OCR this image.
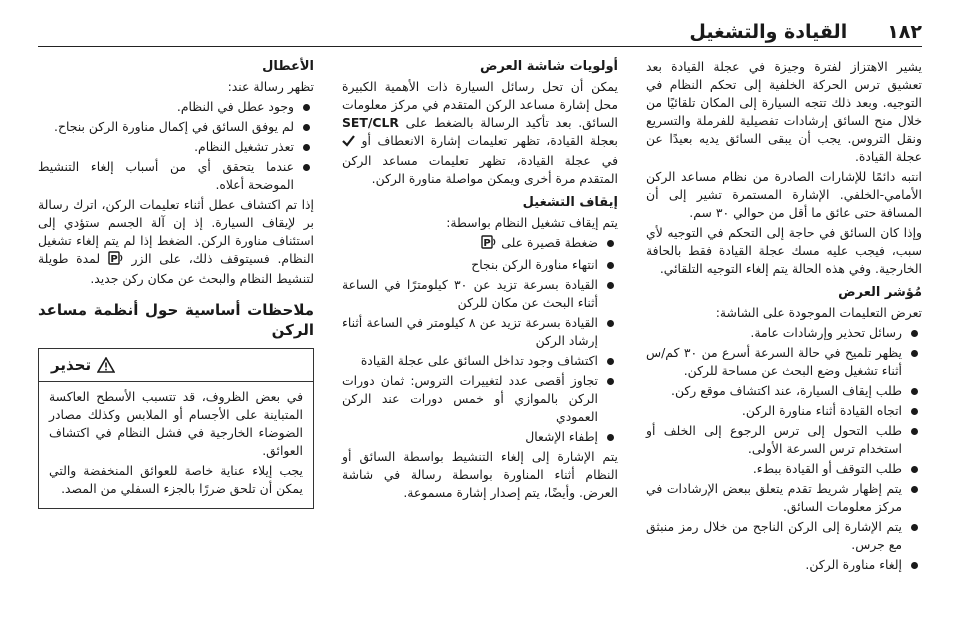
١٨٢
القيادة والتشغيل

يشير الاهتزاز لفترة وجيزة في عجلة القيادة بعد تعشيق ترس الحركة الخلفية إلى تحكم النظام في التوجيه. وبعد ذلك تتجه السيارة إلى المكان تلقائيًا من خلال منح السائق إرشادات تفصيلية للفرملة والتسريع ونقل التروس. يجب أن يبقى السائق يديه بعيدًا عن عجلة القيادة.

انتبه دائمًا للإشارات الصادرة من نظام مساعد الركن الأمامي-الخلفي. الإشارة المستمرة تشير إلى أن المسافة حتى عائق ما أقل من حوالي ٣٠ سم.

وإذا كان السائق في حاجة إلى التحكم في التوجيه لأي سبب، فيجب عليه مسك عجلة القيادة فقط بالحافة الخارجية. وفي هذه الحالة يتم إلغاء التوجيه التلقائي.

مُؤشر العرض

تعرض التعليمات الموجودة على الشاشة:

رسائل تحذير وإرشادات عامة.
يظهر تلميح في حالة السرعة أسرع من ٣٠ كم/س أثناء تشغيل وضع البحث عن مساحة للركن.
طلب إيقاف السيارة، عند اكتشاف موقع ركن.
اتجاه القيادة أثناء مناورة الركن.
طلب التحول إلى ترس الرجوع إلى الخلف أو استخدام ترس السرعة الأولى.
طلب التوقف أو القيادة ببطء.
يتم إظهار شريط تقدم يتعلق ببعض الإرشادات في مركز معلومات السائق.
يتم الإشارة إلى الركن الناجح من خلال رمز منبثق مع جرس.
إلغاء مناورة الركن.
أولويات شاشة العرض

يمكن أن تحل رسائل السيارة ذات الأهمية الكبيرة محل إشارة مساعد الركن المتقدم في مركز معلومات السائق. بعد تأكيد الرسالة بالضغط على SET/CLR بعجلة القيادة، تظهر تعليمات إشارة الانعطاف أو  في عجلة القيادة، تظهر تعليمات مساعد الركن المتقدم مرة أخرى ويمكن مواصلة مناورة الركن.

إيقاف التشغيل

يتم إيقاف تشغيل النظام بواسطة:

ضغطة قصيرة على
P
انتهاء مناورة الركن بنجاح
القيادة بسرعة تزيد عن ٣٠ كيلومترًا في الساعة أثناء البحث عن مكان للركن
القيادة بسرعة تزيد عن ٨ كيلومتر في الساعة أثناء إرشاد الركن
اكتشاف وجود تداخل السائق على عجلة القيادة
تجاوز أقصى عدد لتغييرات التروس: ثمان دورات الركن بالموازي أو خمس دورات عند الركن العمودي
إطفاء الإشعال

يتم الإشارة إلى إلغاء التنشيط بواسطة السائق أو النظام أثناء المناورة بواسطة رسالة في شاشة العرض. وأيضًا، يتم إصدار إشارة مسموعة.

الأعطال

تظهر رسالة عند:

وجود عطل في النظام.
لم يوفق السائق في إكمال مناورة الركن بنجاح.
تعذر تشغيل النظام.
عندما يتحقق أي من أسباب إلغاء التنشيط الموضحة أعلاه.

إذا تم اكتشاف عطل أثناء تعليمات الركن، اترك رسالة بر لإيقاف السيارة. إذ إن آلة الجسم ستؤدي إلى استئناف مناورة الركن. الضغط إذا لم يتم إلغاء تشغيل النظام. فسيتوقف ذلك، على الزر
P
لمدة طويلة لتنشيط النظام والبحث عن مكان ركن جديد.

ملاحظات أساسية حول أنظمة مساعد الركن
تحذير

في بعض الظروف، قد تتسبب الأسطح العاكسة المتباينة على الأجسام أو الملابس وكذلك مصادر الضوضاء الخارجية في فشل النظام في اكتشاف العوائق.

يجب إيلاء عناية خاصة للعوائق المنخفضة والتي يمكن أن تلحق ضررًا بالجزء السفلي من المصد.
